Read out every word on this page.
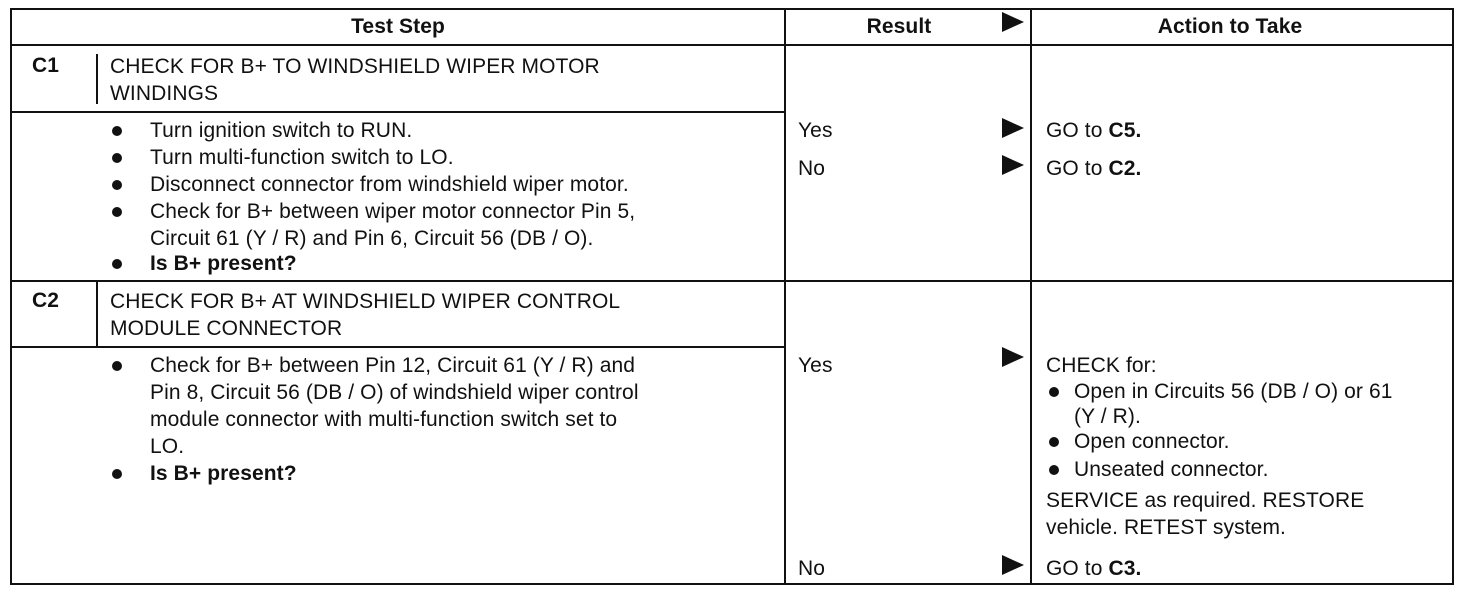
Test Step	Result	Action to Take
C1 CHECK FOR B+ TO WINDSHIELD WIPER MOTOR
WINDINGS
Turn ignition switch to RUN.
Turn multi-function switch to LO.
Disconnect connector from windshield wiper motor.
Check for B+ between wiper motor connector Pin 5,
Circuit 61 (Y / R) and Pin 6, Circuit 56 (DB / O).
Is B+ present?
Yes	GO to C5.
No	GO to C2.
C2 CHECK FOR B+ AT WINDSHIELD WIPER CONTROL
MODULE CONNECTOR
Check for B+ between Pin 12, Circuit 61 (Y / R) and
Pin 8, Circuit 56 (DB / O) of windshield wiper control
module connector with multi-function switch set to
LO.
Is B+ present?
Yes	CHECK for:
Open in Circuits 56 (DB / O) or 61
(Y / R).
Open connector.
Unseated connector.
SERVICE as required. RESTORE
vehicle. RETEST system.
No	GO to C3.
